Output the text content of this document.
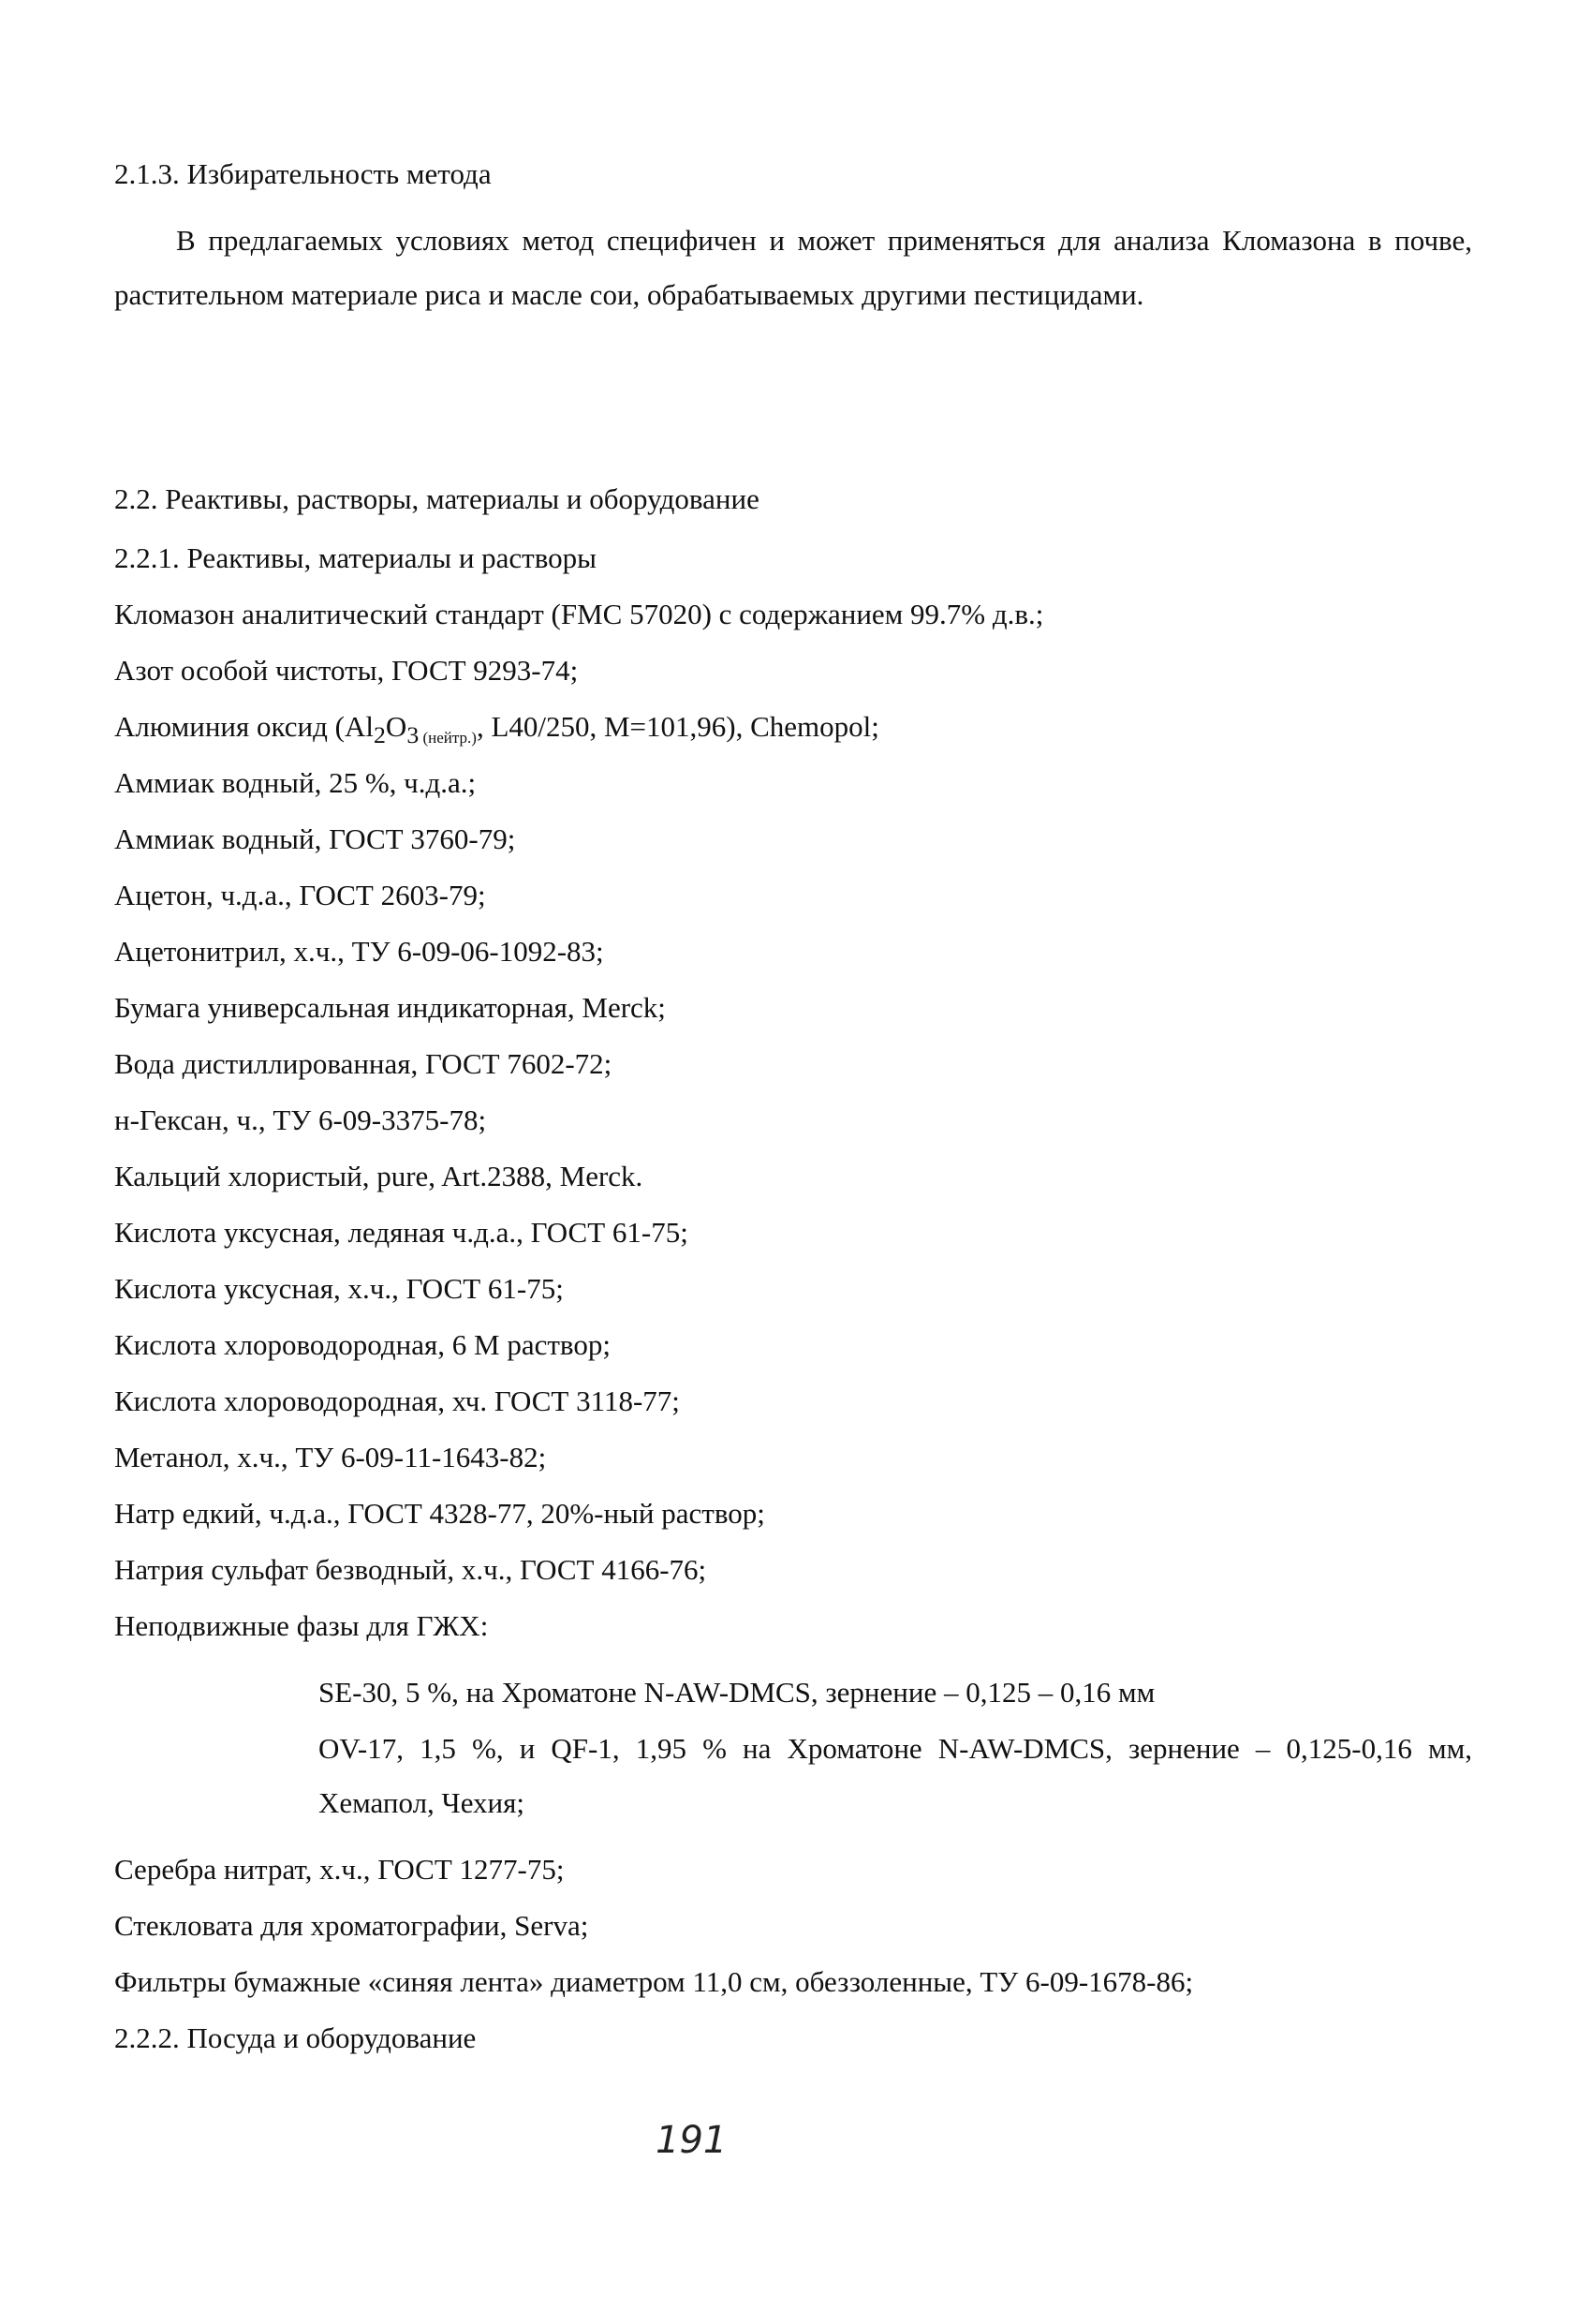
2.1.3. Избирательность метода
В предлагаемых условиях метод специфичен и может применяться для анализа Кломазона в почве, растительном материале риса и масле сои, обрабатываемых другими пестицидами.
2.2. Реактивы, растворы, материалы и оборудование
2.2.1. Реактивы, материалы и растворы
Кломазон аналитический стандарт (FMC 57020) с содержанием 99.7% д.в.;
Азот особой чистоты, ГОСТ 9293-74;
Алюминия оксид ($Al_2O_3$ $_{(нейтр.)}$, L40/250, M=101,96), Chemopol;
Аммиак водный, 25 %, ч.д.а.;
Аммиак водный, ГОСТ 3760-79;
Ацетон, ч.д.а., ГОСТ 2603-79;
Ацетонитрил, х.ч., ТУ 6-09-06-1092-83;
Бумага универсальная индикаторная, Merck;
Вода дистиллированная, ГОСТ 7602-72;
н-Гексан, ч., ТУ 6-09-3375-78;
Кальций хлористый, pure, Art.2388, Merck.
Кислота уксусная, ледяная ч.д.а., ГОСТ 61-75;
Кислота уксусная, х.ч., ГОСТ 61-75;
Кислота хлороводородная, 6 М раствор;
Кислота хлороводородная, хч. ГОСТ 3118-77;
Метанол, х.ч., ТУ 6-09-11-1643-82;
Натр едкий, ч.д.а., ГОСТ 4328-77, 20%-ный раствор;
Натрия сульфат безводный, х.ч., ГОСТ 4166-76;
Неподвижные фазы для ГЖХ:
SE-30, 5 %, на Хроматоне N-AW-DMCS, зернение – 0,125 – 0,16 мм
OV-17, 1,5 %, и QF-1, 1,95 % на Хроматоне N-AW-DMCS, зернение – 0,125-0,16 мм, Хемапол, Чехия;
Серебра нитрат, х.ч., ГОСТ 1277-75;
Стекловата для хроматографии, Serva;
Фильтры бумажные «синяя лента» диаметром 11,0 см, обеззоленные, ТУ 6-09-1678-86;
2.2.2. Посуда и оборудование
191
